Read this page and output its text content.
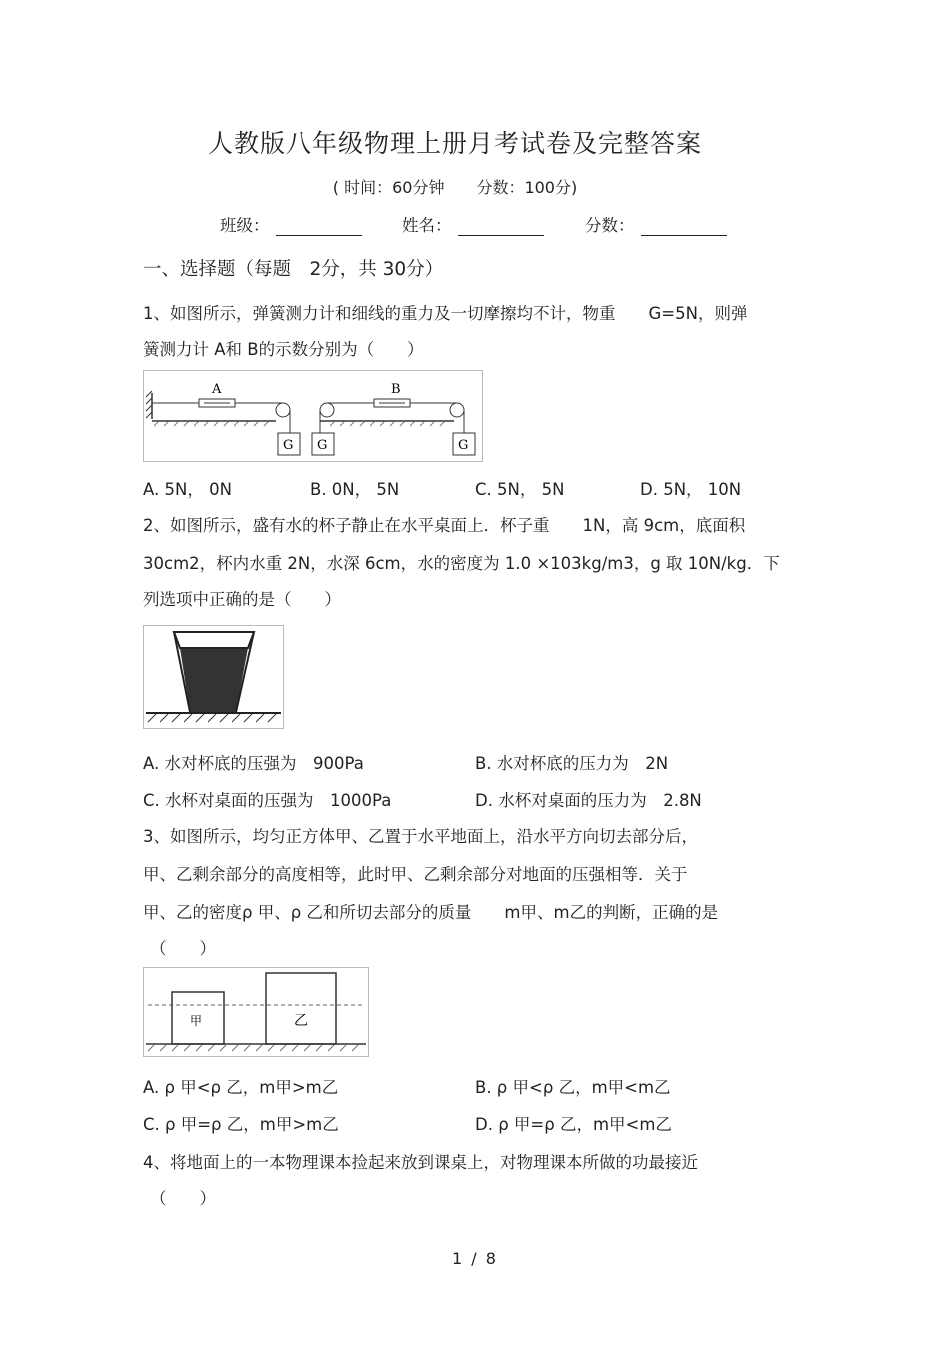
人教版八年级物理上册月考试卷及完整答案
( 时间：60分钟　　分数：100分)
班级：	姓名：	分数：
一、选择题（每题　2分，共 30分）
1、如图所示，弹簧测力计和细线的重力及一切摩擦均不计，物重　　G=5N，则弹
簧测力计 A和 B的示数分别为（　　）
A
G G
B
G
A. 5N， 0N	B. 0N， 5N	C. 5N， 5N	D. 5N， 10N
2、如图所示，盛有水的杯子静止在水平桌面上．杯子重　　1N，高 9cm，底面积
30cm2，杯内水重 2N，水深 6cm，水的密度为 1.0 ×103kg/m3，g 取 10N/kg．下
列选项中正确的是（　　）
A. 水对杯底的压强为　900Pa	B. 水对杯底的压力为　2N
C. 水杯对桌面的压强为　1000Pa	D. 水杯对桌面的压力为　2.8N
3、如图所示，均匀正方体甲、乙置于水平地面上，沿水平方向切去部分后，
甲、乙剩余部分的高度相等，此时甲、乙剩余部分对地面的压强相等．关于
甲、乙的密度ρ 甲、ρ 乙和所切去部分的质量　　m甲、m乙的判断，正确的是
（　　）
甲	乙
A. ρ 甲<ρ 乙，m甲>m乙	B. ρ 甲<ρ 乙，m甲<m乙
C. ρ 甲=ρ 乙，m甲>m乙	D. ρ 甲=ρ 乙，m甲<m乙
4、将地面上的一本物理课本捡起来放到课桌上，对物理课本所做的功最接近
（　　）
1 / 8
